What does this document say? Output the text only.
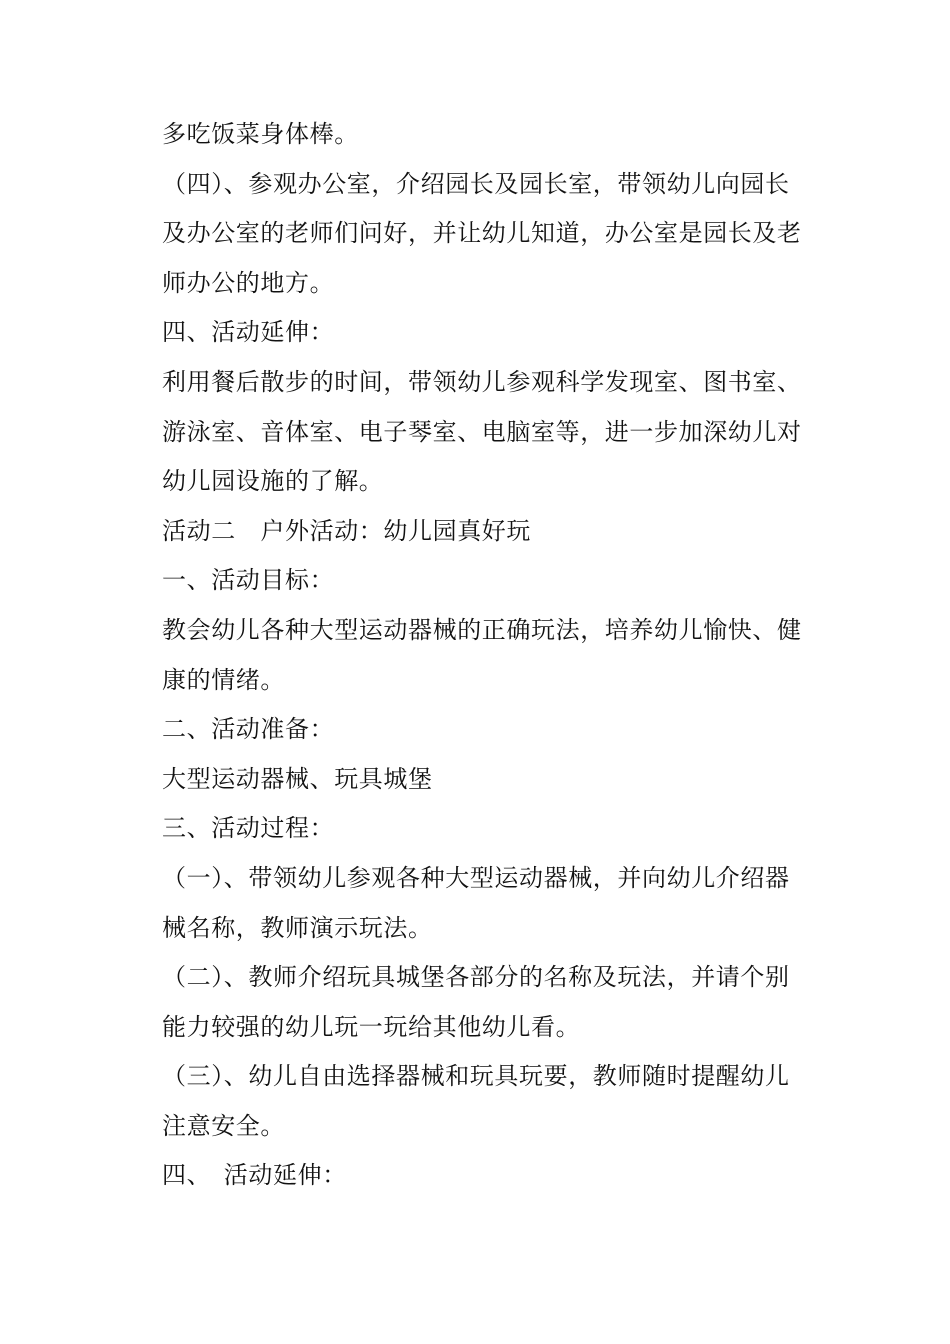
多吃饭菜身体棒。
（四）、参观办公室，介绍园长及园长室，带领幼儿向园长
及办公室的老师们问好，并让幼儿知道，办公室是园长及老
师办公的地方。
四、活动延伸：
利用餐后散步的时间，带领幼儿参观科学发现室、图书室、
游泳室、音体室、电子琴室、电脑室等，进一步加深幼儿对
幼儿园设施的了解。
活动二　户外活动：幼儿园真好玩
一、活动目标：
教会幼儿各种大型运动器械的正确玩法，培养幼儿愉快、健
康的情绪。
二、活动准备：
大型运动器械、玩具城堡
三、活动过程：
（一）、带领幼儿参观各种大型运动器械，并向幼儿介绍器
械名称，教师演示玩法。
（二）、教师介绍玩具城堡各部分的名称及玩法，并请个别
能力较强的幼儿玩一玩给其他幼儿看。
（三）、幼儿自由选择器械和玩具玩要，教师随时提醒幼儿
注意安全。
四、　活动延伸：
